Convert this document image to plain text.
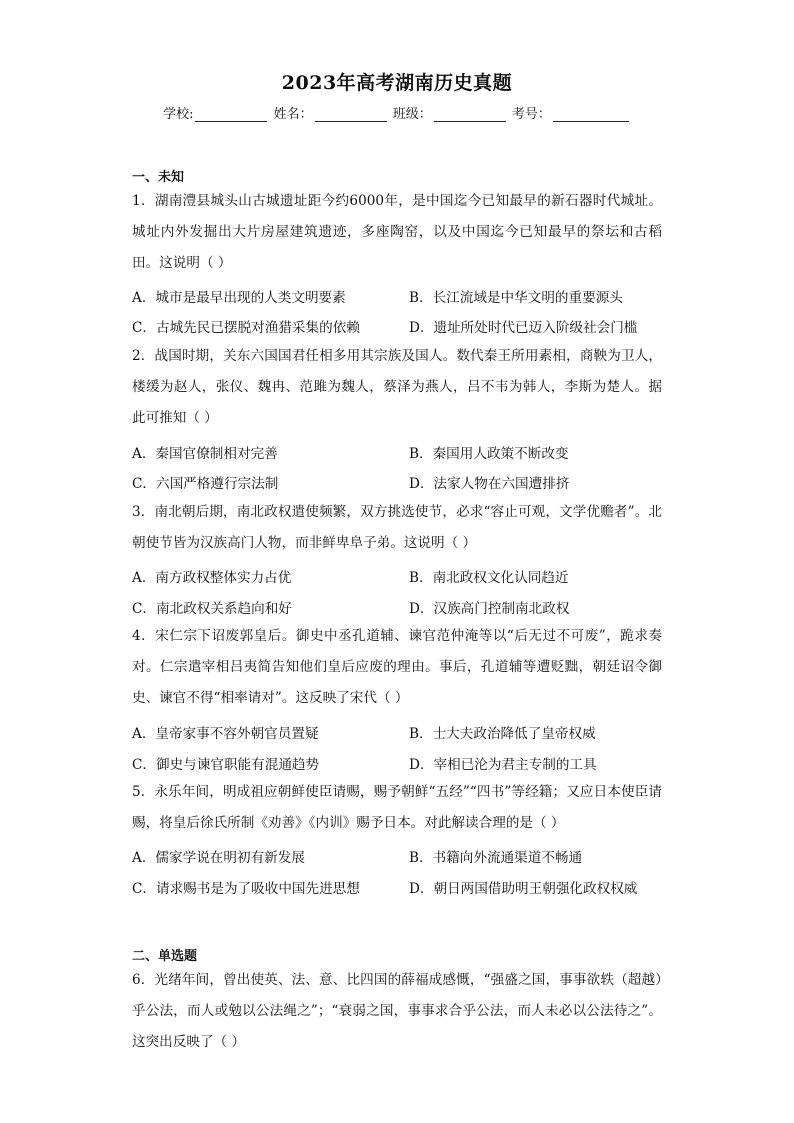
2023年高考湖南历史真题
学校:	姓名：	班级：	考号：
一、未知
1．湖南澧县城头山古城遗址距今约6000年，是中国迄今已知最早的新石器时代城址。城址内外发掘出大片房屋建筑遗迹，多座陶窑，以及中国迄今已知最早的祭坛和古稻田。这说明（ ）
A．城市是最早出现的人类文明要素	B．长江流域是中华文明的重要源头
C．古城先民已摆脱对渔猎采集的依赖	D．遗址所处时代已迈入阶级社会门槛
2．战国时期，关东六国国君任相多用其宗族及国人。数代秦王所用素相，商鞅为卫人，楼缓为赵人，张仪、魏冉、范雎为魏人，蔡泽为燕人，吕不韦为韩人，李斯为楚人。据此可推知（ ）
A．秦国官僚制相对完善	B．秦国用人政策不断改变
C．六国严格遵行宗法制	D．法家人物在六国遭排挤
3．南北朝后期，南北政权遣使频繁，双方挑选使节，必求“容止可观，文学优赡者”。北朝使节皆为汉族高门人物，而非鲜卑阜子弟。这说明（ ）
A．南方政权整体实力占优	B．南北政权文化认同趋近
C．南北政权关系趋向和好	D．汉族高门控制南北政权
4．宋仁宗下诏废郭皇后。御史中丞孔道辅、谏官范仲淹等以“后无过不可废”，跪求奏对。仁宗遣宰相吕夷简告知他们皇后应废的理由。事后，孔道辅等遭贬黜，朝廷诏令御史、谏官不得“相率请对”。这反映了宋代（ ）
A．皇帝家事不容外朝官员置疑	B．士大夫政治降低了皇帝权威
C．御史与谏官职能有混通趋势	D．宰相已沦为君主专制的工具
5．永乐年间，明成祖应朝鲜使臣请赐，赐予朝鲜“五经”“四书”等经籍；又应日本使臣请赐，将皇后徐氏所制《劝善》《内训》赐予日本。对此解读合理的是（ ）
A．儒家学说在明初有新发展	B．书籍向外流通渠道不畅通
C．请求赐书是为了吸收中国先进思想	D．朝日两国借助明王朝强化政权权威
二、单选题
6．光绪年间，曾出使英、法、意、比四国的薛福成感慨，“强盛之国，事事欲轶（超越）乎公法，而人或勉以公法绳之”；“衰弱之国，事事求合乎公法，而人未必以公法待之”。这突出反映了（ ）
